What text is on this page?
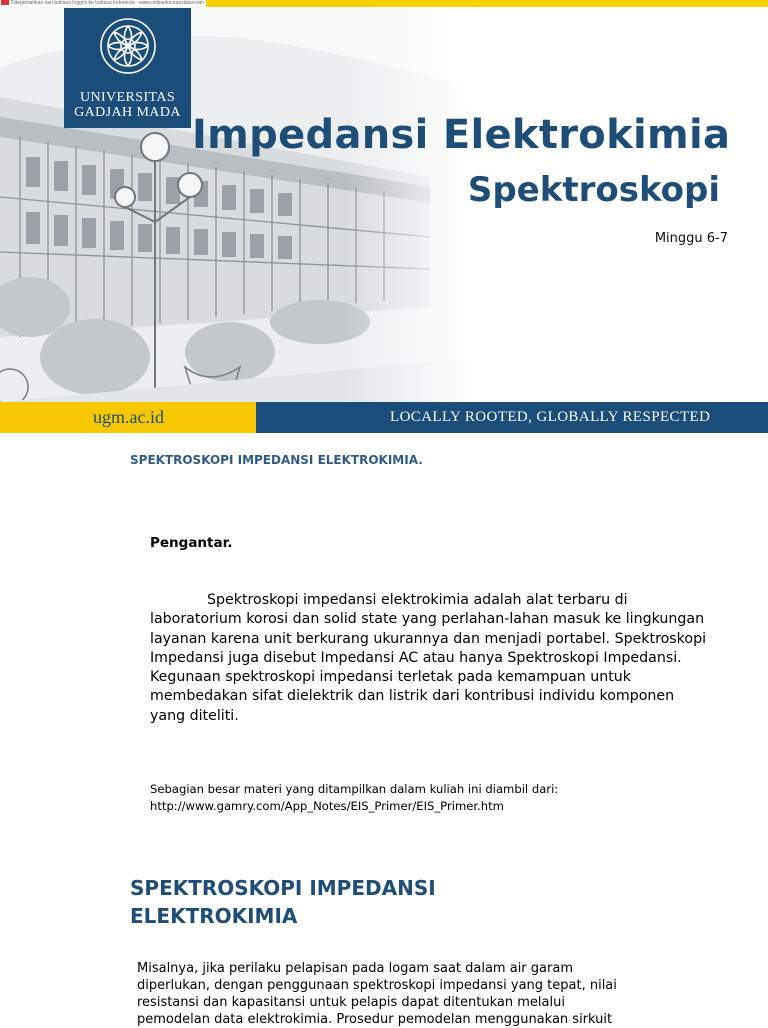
Diterjemahkan dari bahasa Inggris ke bahasa Indonesia - www.onlinedoctranslator.com
UNIVERSITAS
GADJAH MADA Impedansi Elektrokimia
Spektroskopi
Minggu 6-7
ugm.ac.id	LOCALLY ROOTED, GLOBALLY RESPECTED
SPEKTROSKOPI IMPEDANSI ELEKTROKIMIA.
Pengantar.

Spektroskopi impedansi elektrokimia adalah alat terbaru di laboratorium korosi dan solid state yang perlahan-lahan masuk ke lingkungan layanan karena unit berkurang ukurannya dan menjadi portabel. Spektroskopi Impedansi juga disebut Impedansi AC atau hanya Spektroskopi Impedansi. Kegunaan spektroskopi impedansi terletak pada kemampuan untuk membedakan sifat dielektrik dan listrik dari kontribusi individu komponen yang diteliti.

Sebagian besar materi yang ditampilkan dalam kuliah ini diambil dari:
http://www.gamry.com/App_Notes/EIS_Primer/EIS_Primer.htm

SPEKTROSKOPI IMPEDANSI ELEKTROKIMIA

Misalnya, jika perilaku pelapisan pada logam saat dalam air garam diperlukan, dengan penggunaan spektroskopi impedansi yang tepat, nilai resistansi dan kapasitansi untuk pelapis dapat ditentukan melalui pemodelan data elektrokimia. Prosedur pemodelan menggunakan sirkuit
